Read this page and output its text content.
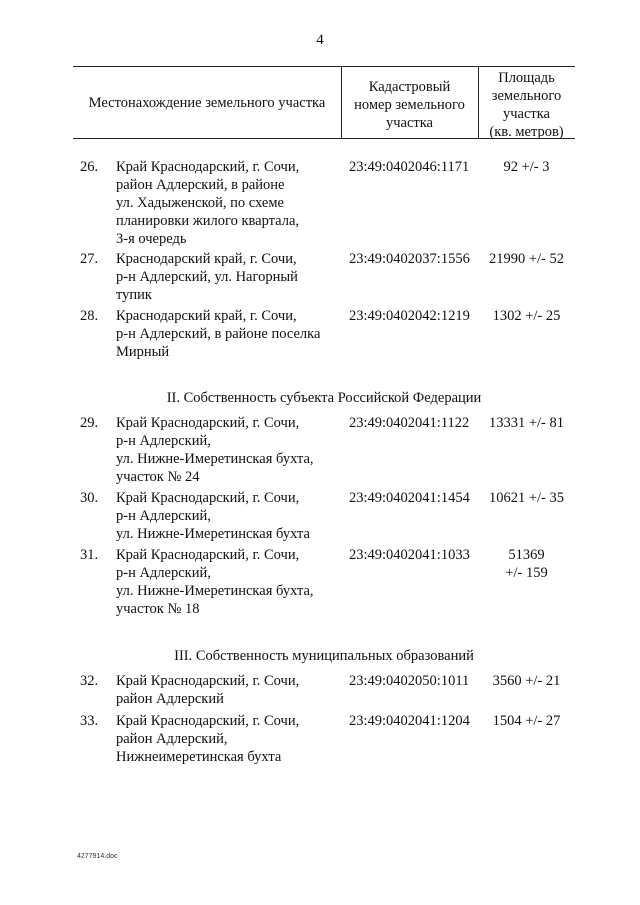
4
Местонахождение земельного участка
Кадастровый
номер земельного
участка
Площадь
земельного
участка
(кв. метров)
26. Край Краснодарский, г. Сочи,
район Адлерский, в районе
ул. Хадыженской, по схеме
планировки жилого квартала,
3-я очередь
23:49:0402046:1171	92 +/- 3
27. Краснодарский край, г. Сочи,
р-н Адлерский, ул. Нагорный
тупик
23:49:0402037:1556	21990 +/- 52
28. Краснодарский край, г. Сочи,
р-н Адлерский, в районе поселка
Мирный
23:49:0402042:1219	1302 +/- 25
II. Собственность субъекта Российской Федерации
29. Край Краснодарский, г. Сочи,
р-н Адлерский,
ул. Нижне-Имеретинская бухта,
участок № 24
23:49:0402041:1122	13331 +/- 81
30. Край Краснодарский, г. Сочи,
р-н Адлерский,
ул. Нижне-Имеретинская бухта
23:49:0402041:1454	10621 +/- 35
31. Край Краснодарский, г. Сочи,
р-н Адлерский,
ул. Нижне-Имеретинская бухта,
участок № 18
23:49:0402041:1033	51369
+/- 159
III. Собственность муниципальных образований
32. Край Краснодарский, г. Сочи,
район Адлерский
23:49:0402050:1011	3560 +/- 21
33. Край Краснодарский, г. Сочи,
район Адлерский,
Нижнеимеретинская бухта
23:49:0402041:1204	1504 +/- 27
4277914.doc
